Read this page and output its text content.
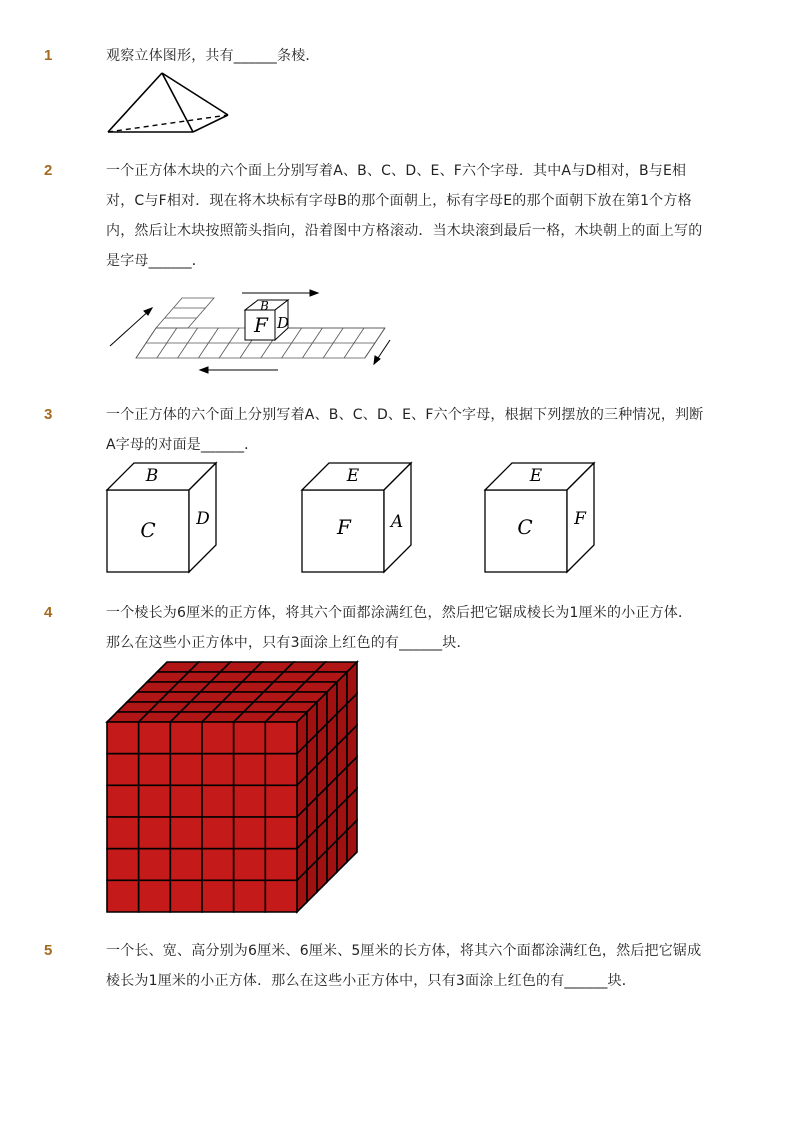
1	观察立体图形，共有______条棱．
2	一个正方体木块的六个面上分别写着A、B、C、D、E、F六个字母．其中A与D相对，B与E相对，C与F相对．现在将木块标有字母B的那个面朝上，标有字母E的那个面朝下放在第1个方格内，然后让木块按照箭头指向，沿着图中方格滚动．当木块滚到最后一格，木块朝上的面上写的是字母______．
F
B
D
3	一个正方体的六个面上分别写着A、B、C、D、E、F六个字母，根据下列摆放的三种情况，判断A字母的对面是______．
B
C D
E
F A
E
C F
4	一个棱长为6厘米的正方体，将其六个面都涂满红色，然后把它锯成棱长为1厘米的小正方体．那么在这些小正方体中，只有3面涂上红色的有______块．
5	一个长、宽、高分别为6厘米、6厘米、5厘米的长方体，将其六个面都涂满红色，然后把它锯成棱长为1厘米的小正方体．那么在这些小正方体中，只有3面涂上红色的有______块．
